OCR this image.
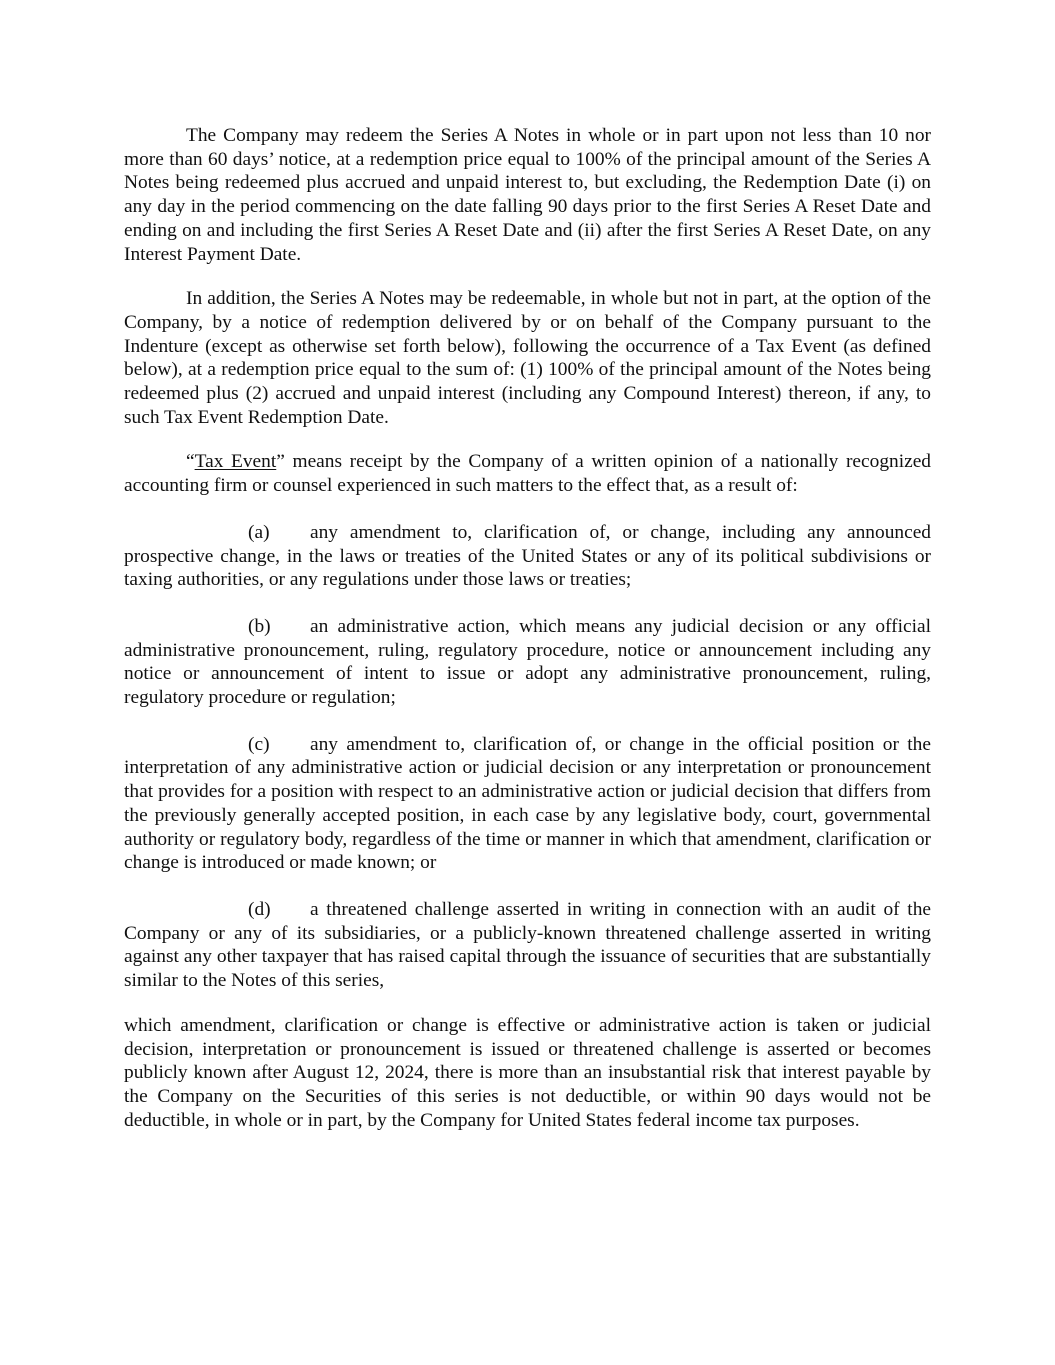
The Company may redeem the Series A Notes in whole or in part upon not less than 10 nor more than 60 days’ notice, at a redemption price equal to 100% of the principal amount of the Series A Notes being redeemed plus accrued and unpaid interest to, but excluding, the Redemption Date (i) on any day in the period commencing on the date falling 90 days prior to the first Series A Reset Date and ending on and including the first Series A Reset Date and (ii) after the first Series A Reset Date, on any Interest Payment Date.

In addition, the Series A Notes may be redeemable, in whole but not in part, at the option of the Company, by a notice of redemption delivered by or on behalf of the Company pursuant to the Indenture (except as otherwise set forth below), following the occurrence of a Tax Event (as defined below), at a redemption price equal to the sum of: (1) 100% of the principal amount of the Notes being redeemed plus (2) accrued and unpaid interest (including any Compound Interest) thereon, if any, to such Tax Event Redemption Date.

“Tax Event” means receipt by the Company of a written opinion of a nationally recognized accounting firm or counsel experienced in such matters to the effect that, as a result of:

(a) any amendment to, clarification of, or change, including any announced prospective change, in the laws or treaties of the United States or any of its political subdivisions or taxing authorities, or any regulations under those laws or treaties;

(b) an administrative action, which means any judicial decision or any official administrative pronouncement, ruling, regulatory procedure, notice or announcement including any notice or announcement of intent to issue or adopt any administrative pronouncement, ruling, regulatory procedure or regulation;

(c) any amendment to, clarification of, or change in the official position or the interpretation of any administrative action or judicial decision or any interpretation or pronouncement that provides for a position with respect to an administrative action or judicial decision that differs from the previously generally accepted position, in each case by any legislative body, court, governmental authority or regulatory body, regardless of the time or manner in which that amendment, clarification or change is introduced or made known; or

(d) a threatened challenge asserted in writing in connection with an audit of the Company or any of its subsidiaries, or a publicly-known threatened challenge asserted in writing against any other taxpayer that has raised capital through the issuance of securities that are substantially similar to the Notes of this series,

which amendment, clarification or change is effective or administrative action is taken or judicial decision, interpretation or pronouncement is issued or threatened challenge is asserted or becomes publicly known after August 12, 2024, there is more than an insubstantial risk that interest payable by the Company on the Securities of this series is not deductible, or within 90 days would not be deductible, in whole or in part, by the Company for United States federal income tax purposes.
